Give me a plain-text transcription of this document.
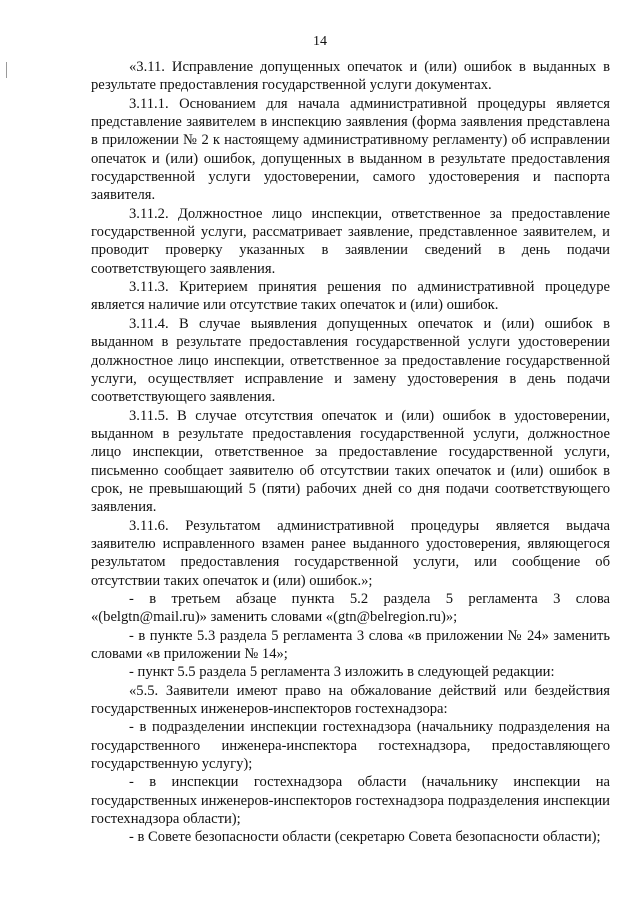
14

«3.11. Исправление допущенных опечаток и (или) ошибок в выданных в результате предоставления государственной услуги документах.

3.11.1. Основанием для начала административной процедуры является представление заявителем в инспекцию заявления (форма заявления представлена в приложении № 2 к настоящему административному регламенту) об исправлении опечаток и (или) ошибок, допущенных в выданном в результате предоставления государственной услуги удостоверении, самого удостоверения и паспорта заявителя.

3.11.2. Должностное лицо инспекции, ответственное за предоставление государственной услуги, рассматривает заявление, представленное заявителем, и проводит проверку указанных в заявлении сведений в день подачи соответствующего заявления.

3.11.3. Критерием принятия решения по административной процедуре является наличие или отсутствие таких опечаток и (или) ошибок.

3.11.4. В случае выявления допущенных опечаток и (или) ошибок в выданном в результате предоставления государственной услуги удостоверении должностное лицо инспекции, ответственное за предоставление государственной услуги, осуществляет исправление и замену удостоверения в день подачи соответствующего заявления.

3.11.5. В случае отсутствия опечаток и (или) ошибок в удостоверении, выданном в результате предоставления государственной услуги, должностное лицо инспекции, ответственное за предоставление государственной услуги, письменно сообщает заявителю об отсутствии таких опечаток и (или) ошибок в срок, не превышающий 5 (пяти) рабочих дней со дня подачи соответствующего заявления.

3.11.6. Результатом административной процедуры является выдача заявителю исправленного взамен ранее выданного удостоверения, являющегося результатом предоставления государственной услуги, или сообщение об отсутствии таких опечаток и (или) ошибок.»;

- в третьем абзаце пункта 5.2 раздела 5 регламента 3 слова «(belgtn@mail.ru)» заменить словами «(gtn@belregion.ru)»;

- в пункте 5.3 раздела 5 регламента 3 слова «в приложении № 24» заменить словами «в приложении № 14»;

- пункт 5.5 раздела 5 регламента 3 изложить в следующей редакции:

«5.5. Заявители имеют право на обжалование действий или бездействия государственных инженеров-инспекторов гостехнадзора:

- в подразделении инспекции гостехнадзора (начальнику подразделения на государственного инженера-инспектора гостехнадзора, предоставляющего государственную услугу);

- в инспекции гостехнадзора области (начальнику инспекции на государственных инженеров-инспекторов гостехнадзора подразделения инспекции гостехнадзора области);

- в Совете безопасности области (секретарю Совета безопасности области);
